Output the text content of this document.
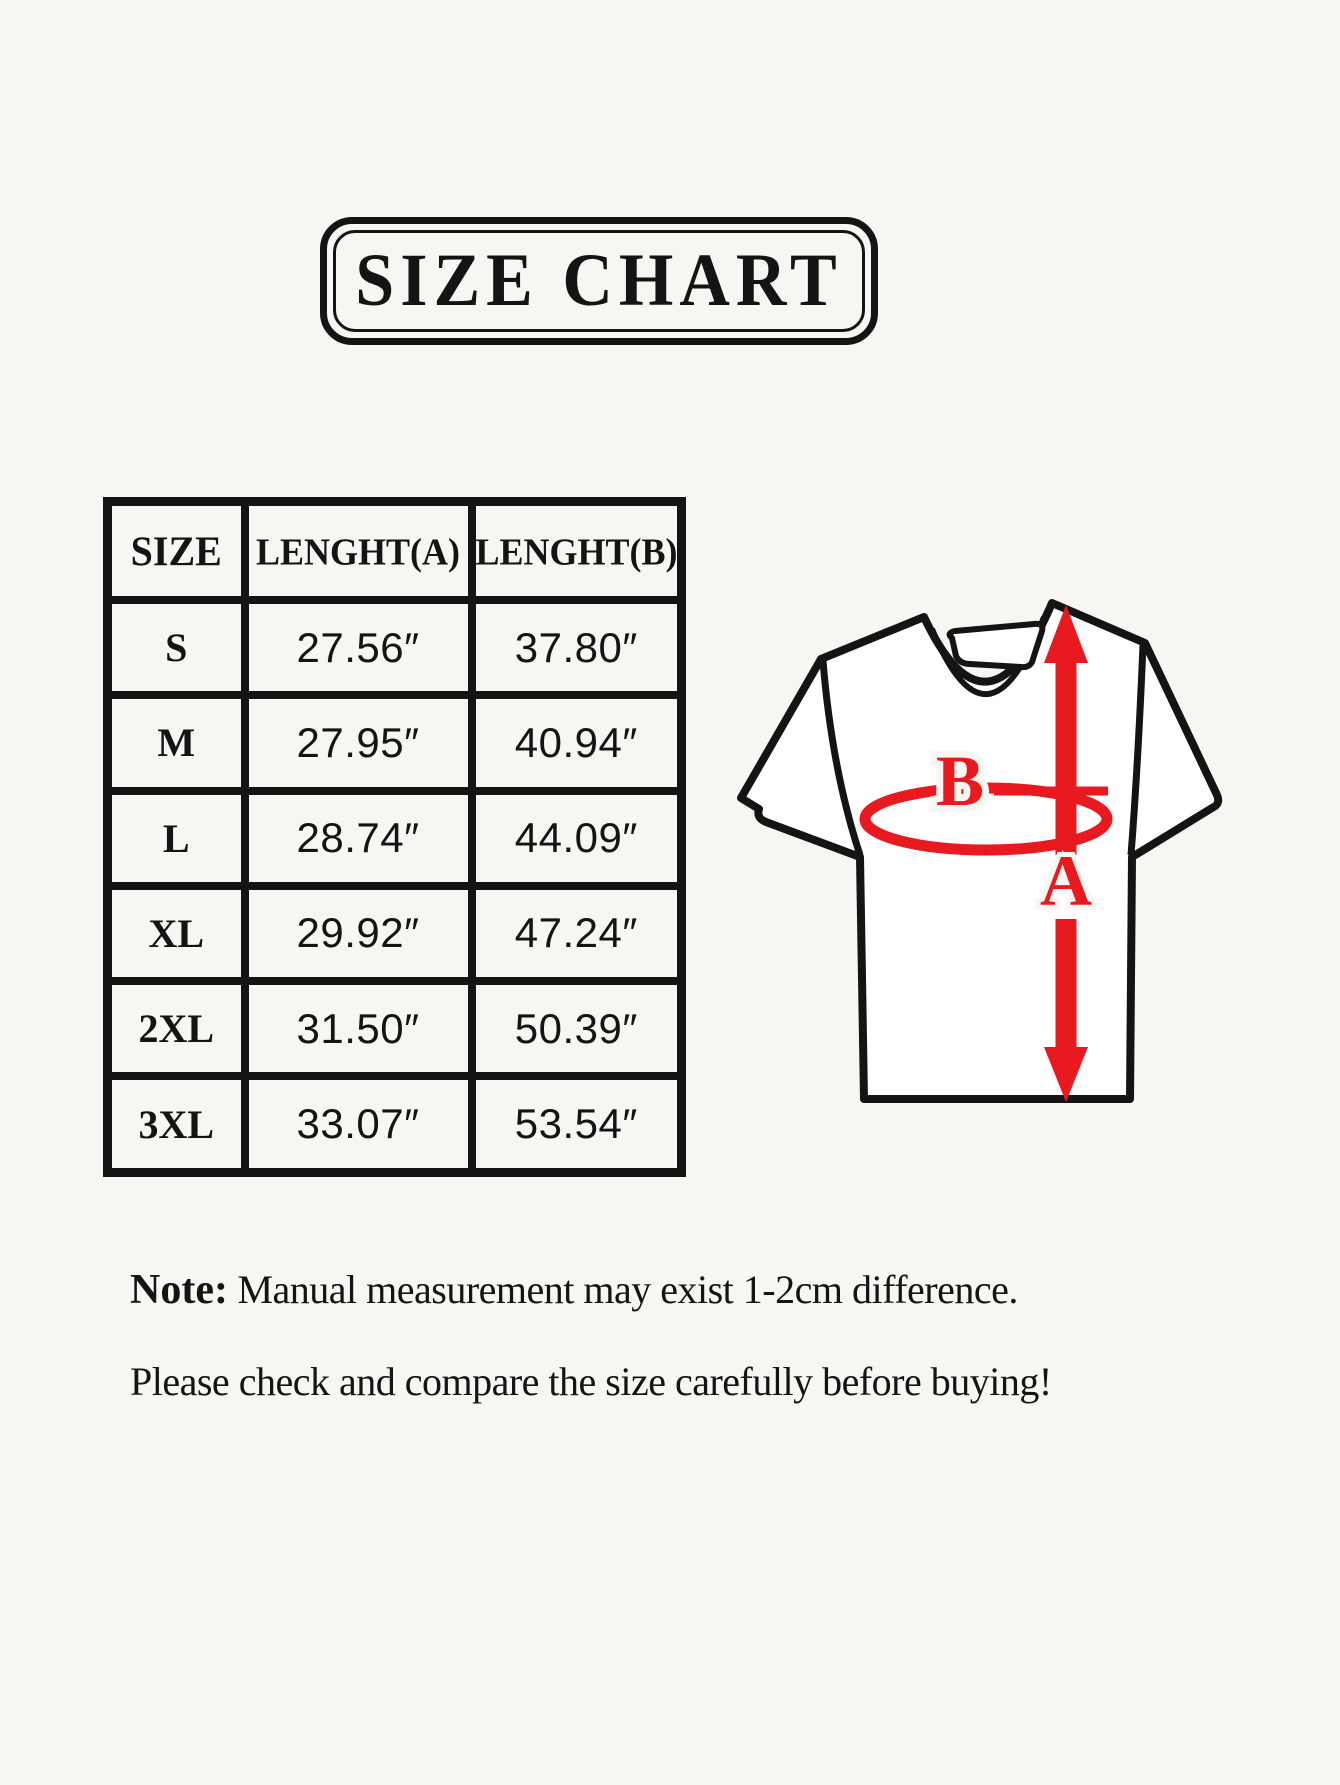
SIZE CHART
SIZE	LENGHT(A)	LENGHT(B)
S	27.56″	37.80″
M	27.95″	40.94″
L	28.74″	44.09″
XL	29.92″	47.24″
2XL	31.50″	50.39″
3XL	33.07″	53.54″
B
A

Note: Manual measurement may exist 1-2cm difference.

Please check and compare the size carefully before buying!
